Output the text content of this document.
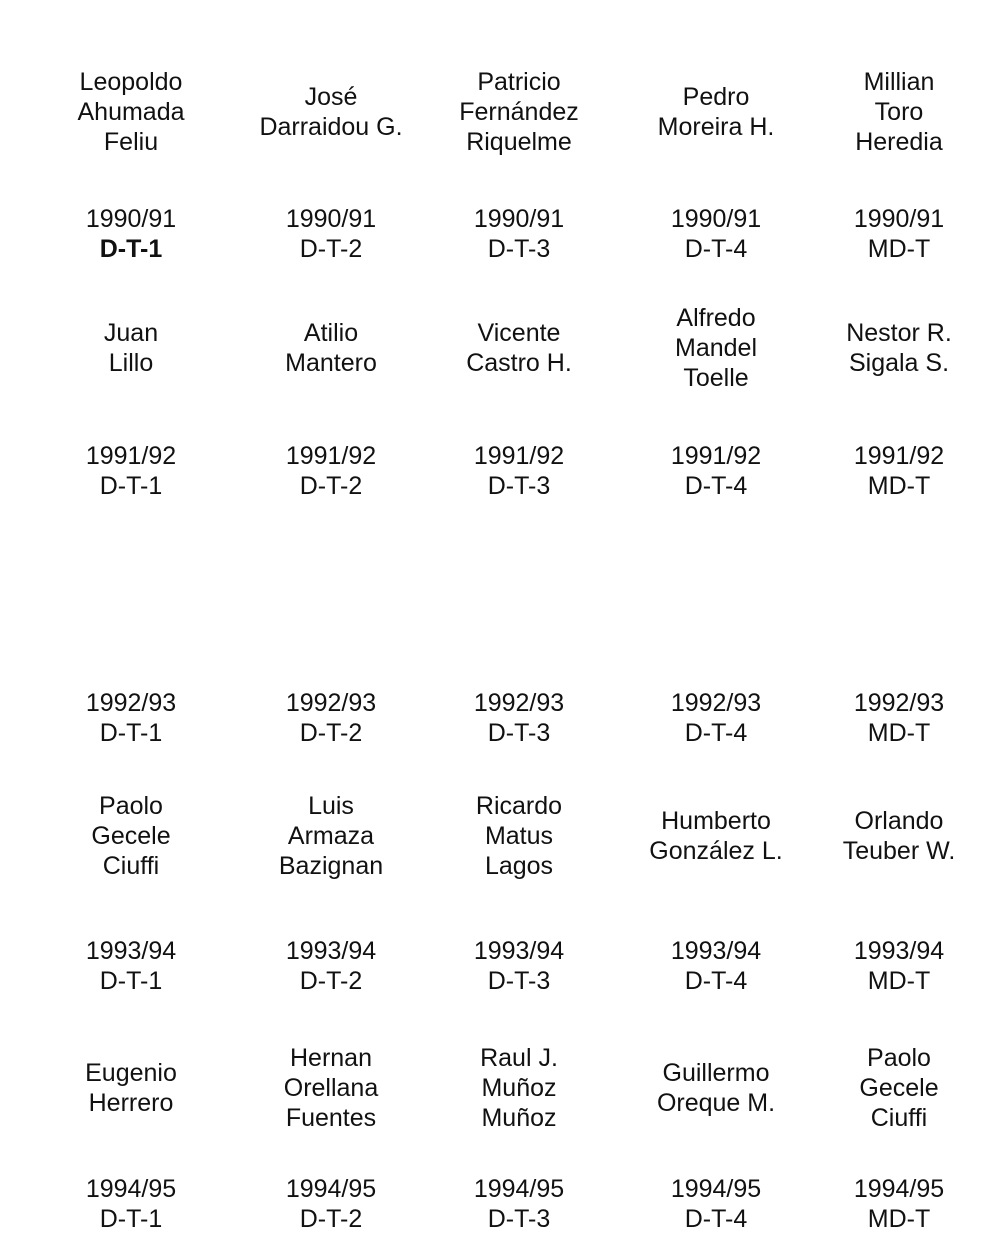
Leopoldo
Ahumada
Feliu
1990/91
D-T-1
José
Darraidou G.
1990/91
D-T-2
Patricio
Fernández
Riquelme
1990/91
D-T-3
Pedro
Moreira H.
1990/91
D-T-4
Millian
Toro
Heredia
1990/91
MD-T
Juan
Lillo
1991/92
D-T-1
Atilio
Mantero
1991/92
D-T-2
Vicente
Castro H.
1991/92
D-T-3
Alfredo
Mandel
Toelle
1991/92
D-T-4
Nestor R.
Sigala S.
1991/92
MD-T
1992/93
D-T-1
1992/93
D-T-2
1992/93
D-T-3
1992/93
D-T-4
1992/93
MD-T
Paolo
Gecele
Ciuffi
1993/94
D-T-1
Luis
Armaza
Bazignan
1993/94
D-T-2
Ricardo
Matus
Lagos
1993/94
D-T-3
Humberto
González L.
1993/94
D-T-4
Orlando
Teuber W.
1993/94
MD-T
Eugenio
Herrero
1994/95
D-T-1
Hernan
Orellana
Fuentes
1994/95
D-T-2
Raul J.
Muñoz
Muñoz
1994/95
D-T-3
Guillermo
Oreque M.
1994/95
D-T-4
Paolo
Gecele
Ciuffi
1994/95
MD-T
